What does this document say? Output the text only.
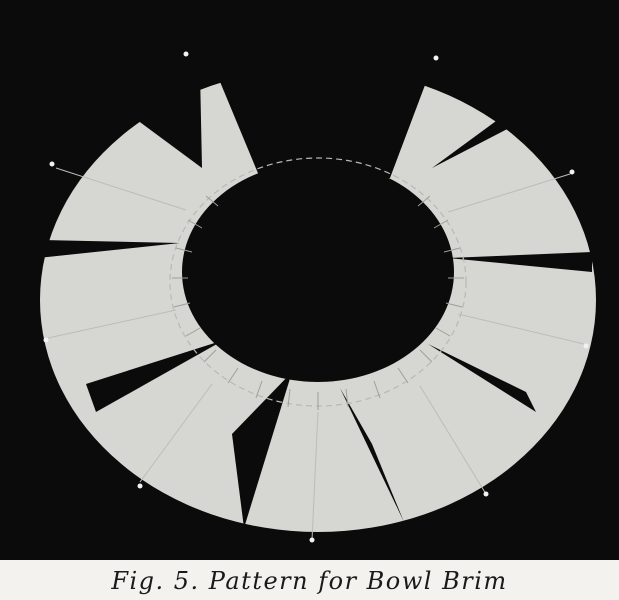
Fig. 5. Pattern for Bowl Brim
